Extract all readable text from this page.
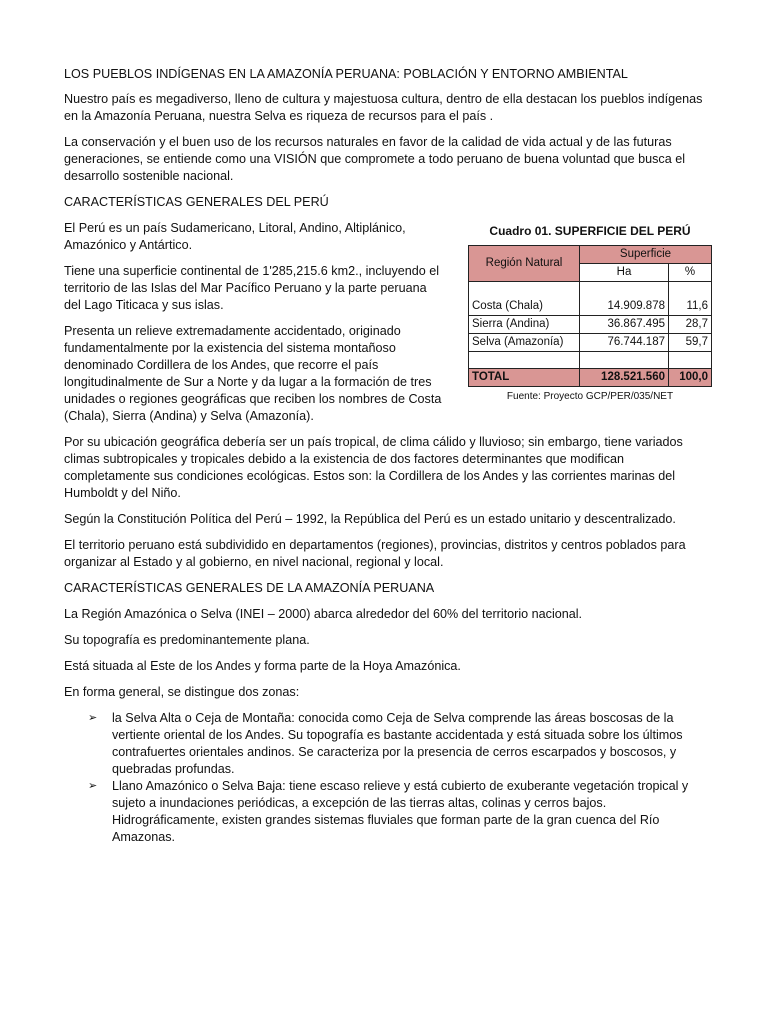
LOS PUEBLOS INDÍGENAS EN LA AMAZONÍA PERUANA: POBLACIÓN Y ENTORNO AMBIENTAL

Nuestro país es megadiverso, lleno de cultura y majestuosa cultura, dentro de ella destacan los pueblos indígenas en la Amazonía Peruana, nuestra Selva es riqueza de recursos para el país .

La conservación y el buen uso de los recursos naturales en favor de la calidad de vida actual y de las futuras generaciones, se entiende como una VISIÓN que compromete a todo peruano de buena voluntad que busca el desarrollo sostenible nacional.

CARACTERÍSTICAS GENERALES DEL PERÚ

El Perú es un país Sudamericano, Litoral, Andino, Altiplánico, Amazónico y Antártico.

Tiene una superficie continental de 1'285,215.6 km2., incluyendo el territorio de las Islas del Mar Pacífico Peruano y la parte peruana del Lago Titicaca y sus islas.

Presenta un relieve extremadamente accidentado, originado fundamentalmente por la existencia del sistema montañoso denominado Cordillera de los Andes, que recorre el país longitudinalmente de Sur a Norte y da lugar a la formación de tres unidades o regiones geográficas que reciben los nombres de Costa (Chala), Sierra (Andina) y Selva (Amazonía).

Cuadro 01. SUPERFICIE DEL PERÚ
Región Natural	Superficie	
	Ha	%

Costa (Chala)	14.909.878	11,6
Sierra (Andina)	36.867.495	28,7
Selva (Amazonía)	76.744.187	59,7

TOTAL	128.521.560	100,0
Fuente: Proyecto GCP/PER/035/NET

Por su ubicación geográfica debería ser un país tropical, de clima cálido y lluvioso; sin embargo, tiene variados climas subtropicales y tropicales debido a la existencia de dos factores determinantes que modifican completamente sus condiciones ecológicas. Estos son: la Cordillera de los Andes y las corrientes marinas del Humboldt y del Niño.

Según la Constitución Política del Perú – 1992, la República del Perú es un estado unitario y descentralizado.

El territorio peruano está subdividido en departamentos (regiones), provincias, distritos y centros poblados para organizar al Estado y al gobierno, en nivel nacional, regional y local.

CARACTERÍSTICAS GENERALES DE LA AMAZONÍA PERUANA

La Región Amazónica o Selva (INEI – 2000) abarca alrededor del 60% del territorio nacional.

Su topografía es predominantemente plana.

Está situada al Este de los Andes y forma parte de la Hoya Amazónica.

En forma general, se distingue dos zonas:

➢ la Selva Alta o Ceja de Montaña: conocida como Ceja de Selva comprende las áreas boscosas de la vertiente oriental de los Andes. Su topografía es bastante accidentada y está situada sobre los últimos contrafuertes orientales andinos. Se caracteriza por la presencia de cerros escarpados y boscosos, y quebradas profundas.
➢ Llano Amazónico o Selva Baja: tiene escaso relieve y está cubierto de exuberante vegetación tropical y sujeto a inundaciones periódicas, a excepción de las tierras altas, colinas y cerros bajos. Hidrográficamente, existen grandes sistemas fluviales que forman parte de la gran cuenca del Río Amazonas.
